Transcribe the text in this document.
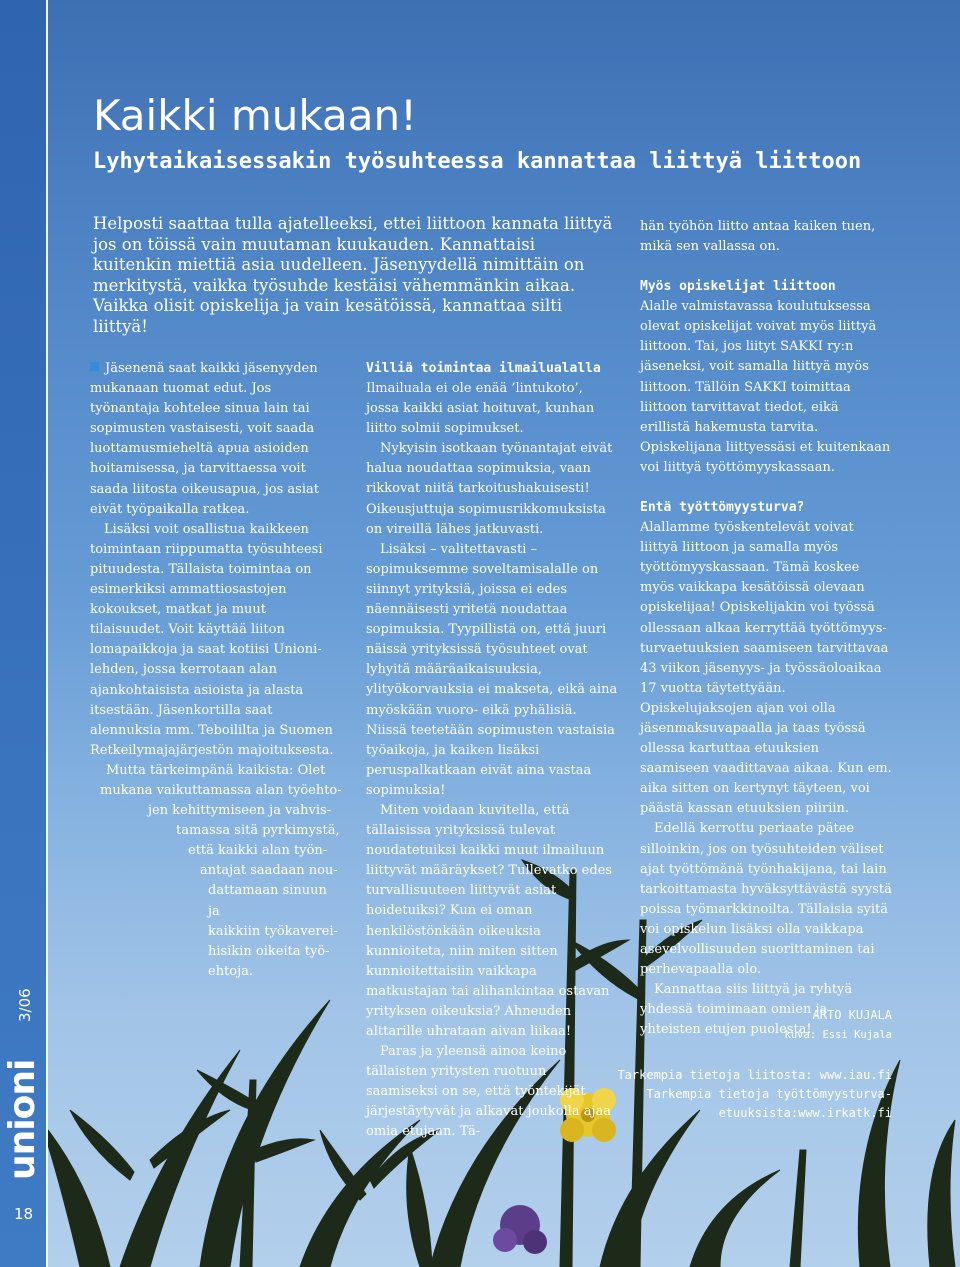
unioni
3/06
18
Kaikki mukaan!
Lyhytaikaisessakin työsuhteessa kannattaa liittyä liittoon

Helposti saattaa tulla ajatelleeksi, ettei liittoon kannata liittyä jos on töissä vain muutaman kuukauden. Kannattaisi kuitenkin miettiä asia uudelleen. Jäsenyydellä nimittäin on merkitystä, vaikka työsuhde kestäisi vähemmänkin aikaa. Vaikka olisit opiskelija ja vain kesätöissä, kannattaa silti liittyä!

Jäsenenä saat kaikki jäsenyyden mukanaan tuomat edut. Jos työnantaja kohtelee sinua lain tai sopimusten vastaisesti, voit saada luottamusmieheltä apua asioiden hoitamisessa, ja tarvittaessa voit saada liitosta oikeusapua, jos asiat eivät työpaikalla ratkea.

Lisäksi voit osallistua kaikkeen toimintaan riippumatta työsuhteesi pituudesta. Tällaista toimintaa on esimerkiksi ammattiosastojen kokoukset, matkat ja muut tilaisuudet. Voit käyttää liiton lomapaikkoja ja saat kotiisi Unioni-lehden, jossa kerrotaan alan ajankohtaisista asioista ja alasta itsestään. Jäsenkortilla saat alennuksia mm. Teboililta ja Suomen Retkeilymajajärjestön majoituksesta.

Mutta tärkeimpänä kaikista: Olet
mukana vaikuttamassa alan työehto-
jen kehittymiseen ja vahvis-
tamassa sitä pyrkimystä,
että kaikki alan työn-
antajat saadaan nou-
dattamaan sinuun ja
kaikkiin työkaverei-
hisikin oikeita työ-
ehtoja.
Villiä toimintaa ilmailualalla

Ilmailuala ei ole enää ’lintukoto’, jossa kaikki asiat hoituvat, kunhan liitto solmii sopimukset.

Nykyisin isotkaan työnantajat eivät halua noudattaa sopimuksia, vaan rikkovat niitä tarkoitushakuisesti! Oikeusjuttuja sopimusrikkomuksista on vireillä lähes jatkuvasti.

Lisäksi – valitettavasti – sopimuksemme soveltamisalalle on siinnyt yrityksiä, joissa ei edes näennäisesti yritetä noudattaa sopimuksia. Tyypillistä on, että juuri näissä yrityksissä työsuhteet ovat lyhyitä määräaikaisuuksia, ylityökorvauksia ei makseta, eikä aina myöskään vuoro- eikä pyhälisiä. Niissä teetetään sopimusten vastaisia työaikoja, ja kaiken lisäksi peruspalkatkaan eivät aina vastaa sopimuksia!

Miten voidaan kuvitella, että tällaisissa yrityksissä tulevat noudatetuiksi kaikki muut ilmailuun liittyvät määräykset? Tullevatko edes turvallisuuteen liittyvät asiat hoidetuiksi? Kun ei oman henkilöstönkään oikeuksia kunnioiteta, niin miten sitten kunnioitettaisiin vaikkapa matkustajan tai alihankintaa ostavan yrityksen oikeuksia? Ahneuden alttarille uhrataan aivan liikaa!

Paras ja yleensä ainoa keino tällaisten yritysten ruotuun saamiseksi on se, että työntekijät järjestäytyvät ja alkavat joukolla ajaa omia etujaan. Tä-

hän työhön liitto antaa kaiken tuen, mikä sen vallassa on.

Myös opiskelijat liittoon

Alalle valmistavassa koulutuksessa olevat opiskelijat voivat myös liittyä liittoon. Tai, jos liityt SAKKI ry:n jäseneksi, voit samalla liittyä myös liittoon. Tällöin SAKKI toimittaa liittoon tarvittavat tiedot, eikä erillistä hakemusta tarvita. Opiskelijana liittyessäsi et kuitenkaan voi liittyä työttömyyskassaan.

Entä työttömyysturva?

Alallamme työskentelevät voivat liittyä liittoon ja samalla myös työttömyyskassaan. Tämä koskee myös vaikkapa kesätöissä olevaan opiskelijaa! Opiskelijakin voi työssä ollessaan alkaa kerryttää työttömyys-turvaetuuksien saamiseen tarvittavaa 43 viikon jäsenyys- ja työssäoloaikaa 17 vuotta täytettyään. Opiskelujaksojen ajan voi olla jäsenmaksuvapaalla ja taas työssä ollessa kartuttaa etuuksien saamiseen vaadittavaa aikaa. Kun em. aika sitten on kertynyt täyteen, voi päästä kassan etuuksien piiriin.

Edellä kerrottu periaate pätee silloinkin, jos on työsuhteiden väliset ajat työttömänä työnhakijana, tai lain tarkoittamasta hyväksyttävästä syystä poissa työmarkkinoilta. Tällaisia syitä voi opiskelun lisäksi olla vaikkapa asevelvollisuuden suorittaminen tai perhevapaalla olo.

Kannattaa siis liittyä ja ryhtyä yhdessä toimimaan omien ja yhteisten etujen puolesta!

ARTO KUJALA
kuva: Essi Kujala
Tarkempia tietoja liitosta: www.iau.fi
Tarkempia tietoja työttömyysturva-
etuuksista:www.irkatk.fi
